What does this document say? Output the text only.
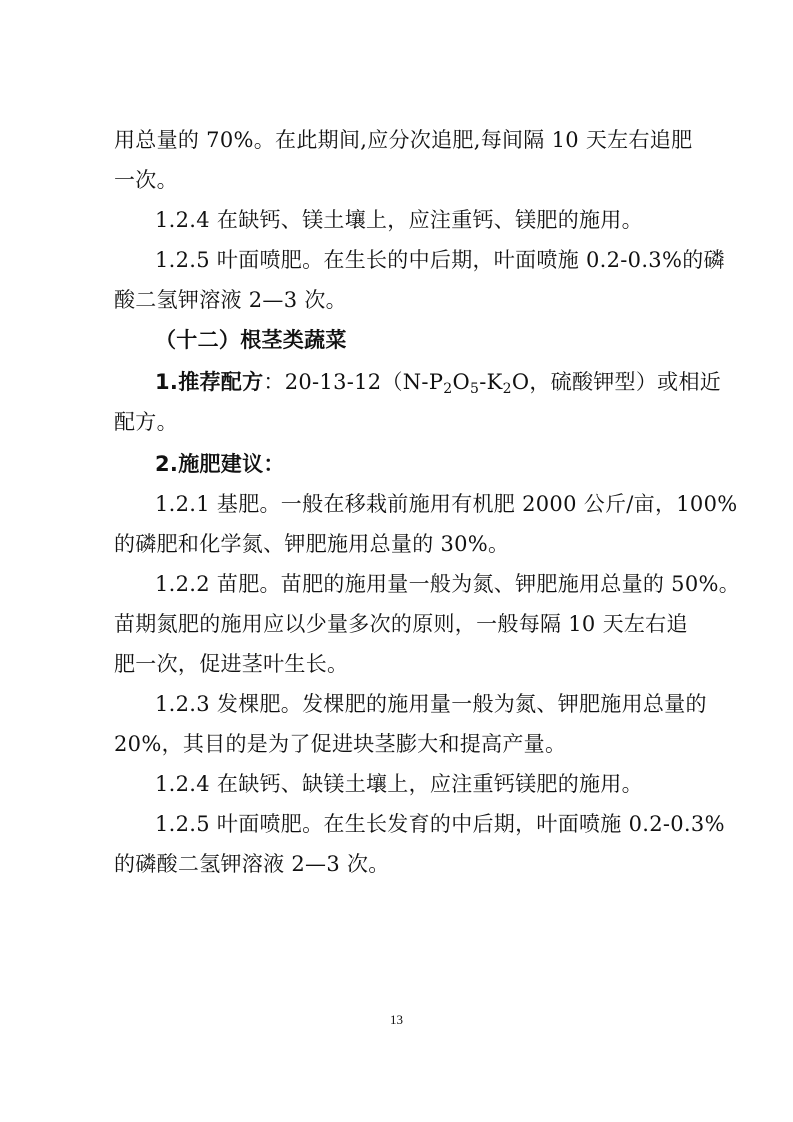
用总量的 70%。在此期间,应分次追肥,每间隔 10 天左右追肥
一次。
1.2.4 在缺钙、镁土壤上，应注重钙、镁肥的施用。
1.2.5 叶面喷肥。在生长的中后期，叶面喷施 0.2-0.3%的磷
酸二氢钾溶液 2—3 次。
（十二）根茎类蔬菜
1.推荐配方：$20-13-12(N-P_2O_5-K_2O$，硫酸钾型）或相近
配方。
2.施肥建议：
1.2.1 基肥。一般在移栽前施用有机肥 2000 公斤/亩，100%
的磷肥和化学氮、钾肥施用总量的 30%。
1.2.2 苗肥。苗肥的施用量一般为氮、钾肥施用总量的 50%。
苗期氮肥的施用应以少量多次的原则，一般每隔 10 天左右追
肥一次，促进茎叶生长。
1.2.3 发棵肥。发棵肥的施用量一般为氮、钾肥施用总量的
20%，其目的是为了促进块茎膨大和提高产量。
1.2.4 在缺钙、缺镁土壤上，应注重钙镁肥的施用。
1.2.5 叶面喷肥。在生长发育的中后期，叶面喷施 0.2-0.3%
的磷酸二氢钾溶液 2—3 次。
13
